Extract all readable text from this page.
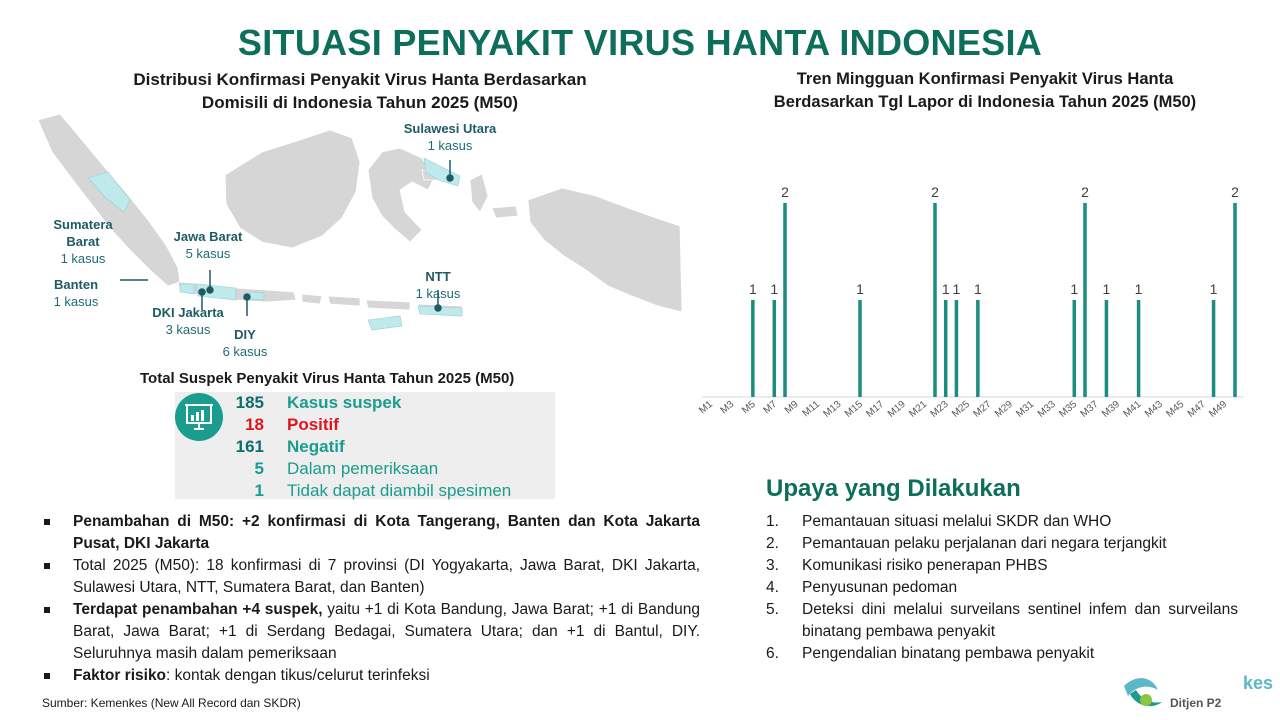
SITUASI PENYAKIT VIRUS HANTA INDONESIA
Distribusi Konfirmasi Penyakit Virus Hanta Berdasarkan
Domisili di Indonesia Tahun 2025 (M50)
Sulawesi Utara
1 kasus
Sumatera Barat
1 kasus
Jawa Barat
5 kasus
Banten
1 kasus
DKI Jakarta
3 kasus	DIY
6 kasus
NTT
1 kasus
Total Suspek Penyakit Virus Hanta Tahun 2025 (M50)
185 Kasus suspek
18 Positif
161 Negatif
5 Dalam pemeriksaan
1 Tidak dapat diambil spesimen
Penambahan di M50: +2 konfirmasi di Kota Tangerang, Banten dan Kota Jakarta Pusat, DKI Jakarta
Total 2025 (M50): 18 konfirmasi di 7 provinsi (DI Yogyakarta, Jawa Barat, DKI Jakarta, Sulawesi Utara, NTT, Sumatera Barat, dan Banten)
Terdapat penambahan +4 suspek, yaitu +1 di Kota Bandung, Jawa Barat; +1 di Bandung Barat, Jawa Barat; +1 di Serdang Bedagai, Sumatera Utara; dan +1 di Bantul, DIY. Seluruhnya masih dalam pemeriksaan
Faktor risiko: kontak dengan tikus/celurut terinfeksi
Sumber: Kemenkes (New All Record dan SKDR)
Tren Mingguan Konfirmasi Penyakit Virus Hanta
Berdasarkan Tgl Lapor di Indonesia Tahun 2025 (M50)
1 1
2
1
2
1 1 1	1
2
1 1	1
2
M1 M3 M5 M7 M9 M11 M13 M15 M17 M19 M21 M23 M25 M27 M29 M31 M33 M35 M37 M39 M41 M43 M45 M47 M49
Upaya yang Dilakukan
1. Pemantauan situasi melalui SKDR dan WHO
2. Pemantauan pelaku perjalanan dari negara terjangkit
3. Komunikasi risiko penerapan PHBS
4. Penyusunan pedoman
5. Deteksi dini melalui surveilans sentinel infem dan surveilans binatang pembawa penyakit
6. Pengendalian binatang pembawa penyakit
kes
Ditjen P2
